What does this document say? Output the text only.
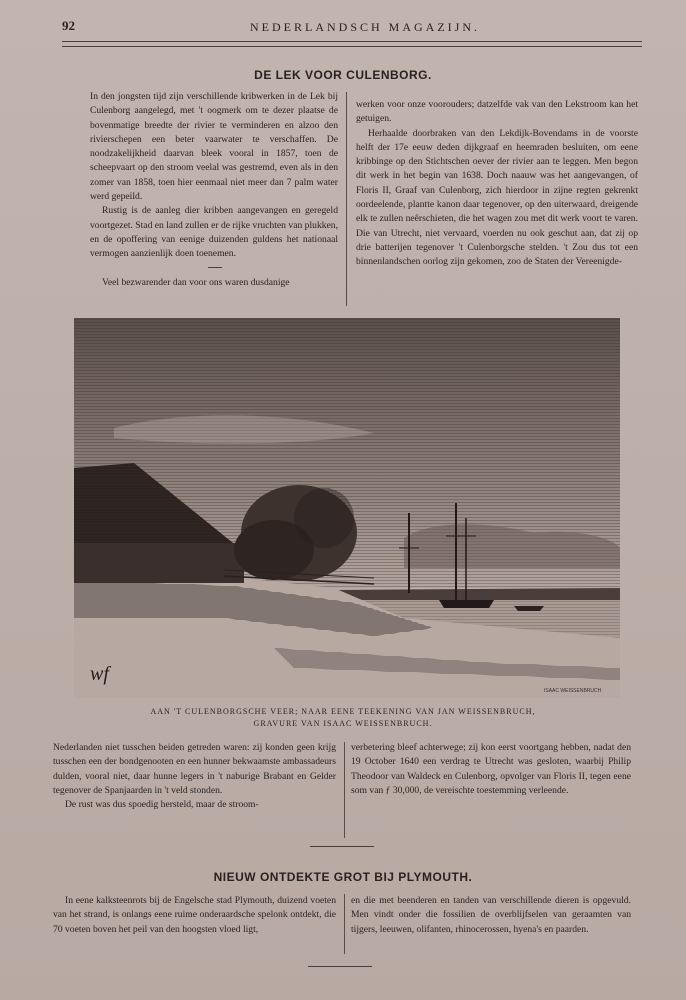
92	NEDERLANDSCH MAGAZIJN.
DE LEK VOOR CULENBORG.

In den jongsten tijd zijn verschillende kribwerken in de Lek bij Culenborg aangelegd, met 't oogmerk om te dezer plaatse de bovenmatige breedte der rivier te verminderen en alzoo den rivierschepen een beter vaarwater te verschaffen. De noodzakelijkheid daarvan bleek vooral in 1857, toen de scheepvaart op den stroom veelal was gestremd, even als in den zomer van 1858, toen hier eenmaal niet meer dan 7 palm water werd gepeild.

Rustig is de aanleg dier kribben aangevangen en geregeld voortgezet. Stad en land zullen er de rijke vruchten van plukken, en de opoffering van eenige duizenden guldens het nationaal vermogen aanzienlijk doen toenemen.

Veel bezwarender dan voor ons waren dusdanige

werken voor onze voorouders; datzelfde vak van den Lekstroom kan het getuigen.

Herhaalde doorbraken van den Lekdijk-Bovendams in de voorste helft der 17e eeuw deden dijkgraaf en heemraden besluiten, om eene kribbinge op den Stichtschen oever der rivier aan te leggen. Men begon dit werk in het begin van 1638. Doch naauw was het aangevangen, of Floris II, Graaf van Culenborg, zich hierdoor in zijne regten gekrenkt oordeelende, plantte kanon daar tegenover, op den uiterwaard, dreigende elk te zullen neêrschieten, die het wagen zou met dit werk voort te varen. Die van Utrecht, niet vervaard, voerden nu ook geschut aan, dat zij op drie batterijen tegenover 't Culenborgsche stelden. 't Zou dus tot een binnenlandschen oorlog zijn gekomen, zoo de Staten der Vereenigde-

wf
ISAAC WEISSENBRUCH
AAN 'T CULENBORGSCHE VEER; NAAR EENE TEEKENING VAN JAN WEISSENBRUCH,
GRAVURE VAN ISAAC WEISSENBRUCH.

Nederlanden niet tusschen beiden getreden waren: zij konden geen krijg tusschen een der bondgenooten en een hunner bekwaamste ambassadeurs dulden, vooral niet, daar hunne legers in 't naburige Brabant en Gelder tegenover de Spanjaarden in 't veld stonden.

De rust was dus spoedig hersteld, maar de stroom-

verbetering bleef achterwege; zij kon eerst voortgang hebben, nadat den 19 October 1640 een verdrag te Utrecht was gesloten, waarbij Philip Theodoor van Waldeck en Culenborg, opvolger van Floris II, tegen eene som van ƒ 30,000, de vereischte toestemming verleende.

NIEUW ONTDEKTE GROT BIJ PLYMOUTH.

In eene kalksteenrots bij de Engelsche stad Plymouth, duizend voeten van het strand, is onlangs eene ruime onderaardsche spelonk ontdekt, die 70 voeten boven het peil van den hoogsten vloed ligt,

en die met beenderen en tanden van verschillende dieren is opgevuld. Men vindt onder die fossilien de overblijfselen van geraamten van tijgers, leeuwen, olifanten, rhinocerossen, hyena's en paarden.
